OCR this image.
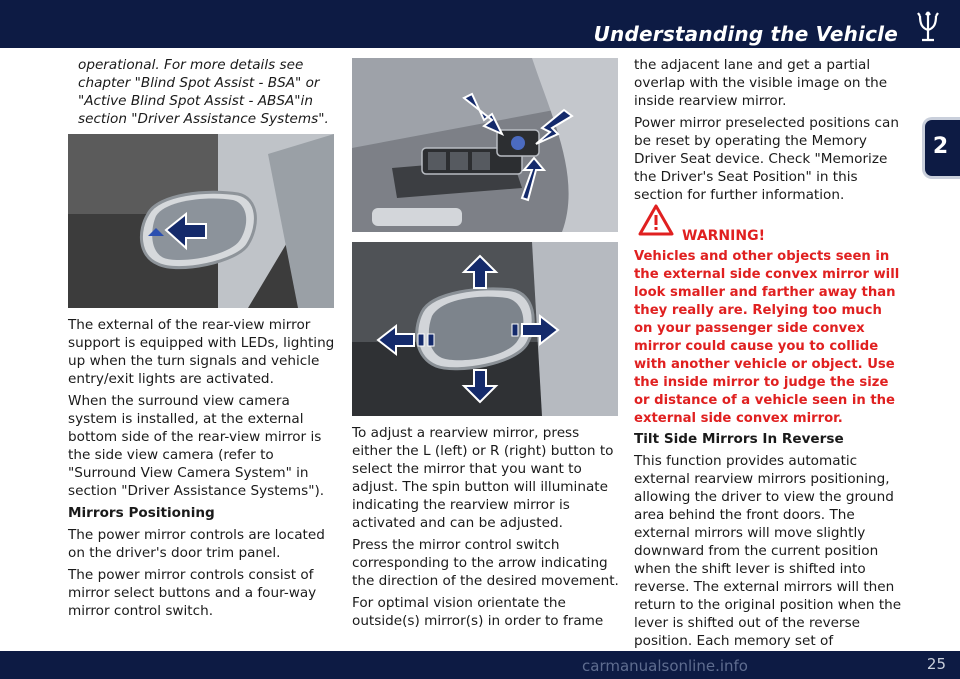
Understanding the Vehicle
2
operational. For more details see chapter "Blind Spot Assist - BSA" or "Active Blind Spot Assist - ABSA"in section "Driver Assistance Systems".

The external of the rear-view mirror support is equipped with LEDs, lighting up when the turn signals and vehicle entry/exit lights are activated.

When the surround view camera system is installed, at the external bottom side of the rear-view mirror is the side view camera (refer to "Surround View Camera System" in section "Driver Assistance Systems").

Mirrors Positioning

The power mirror controls are located on the driver's door trim panel.

The power mirror controls consist of mirror select buttons and a four-way mirror control switch.

To adjust a rearview mirror, press either the L (left) or R (right) button to select the mirror that you want to adjust. The spin button will illuminate indicating the rearview mirror is activated and can be adjusted.

Press the mirror control switch corresponding to the arrow indicating the direction of the desired movement.

For optimal vision orientate the outside(s) mirror(s) in order to frame

the adjacent lane and get a partial overlap with the visible image on the inside rearview mirror.

Power mirror preselected positions can be reset by operating the Memory Driver Seat device. Check "Memorize the Driver's Seat Position" in this section for further information.

WARNING!
Vehicles and other objects seen in the external side convex mirror will look smaller and farther away than they really are. Relying too much on your passenger side convex mirror could cause you to collide with another vehicle or object. Use the inside mirror to judge the size or distance of a vehicle seen in the external side convex mirror.

Tilt Side Mirrors In Reverse

This function provides automatic external rearview mirrors positioning, allowing the driver to view the ground area behind the front doors. The external mirrors will move slightly downward from the current position when the shift lever is shifted into reverse. The external mirrors will then return to the original position when the lever is shifted out of the reverse position. Each memory set of

carmanualsonline.info	25
